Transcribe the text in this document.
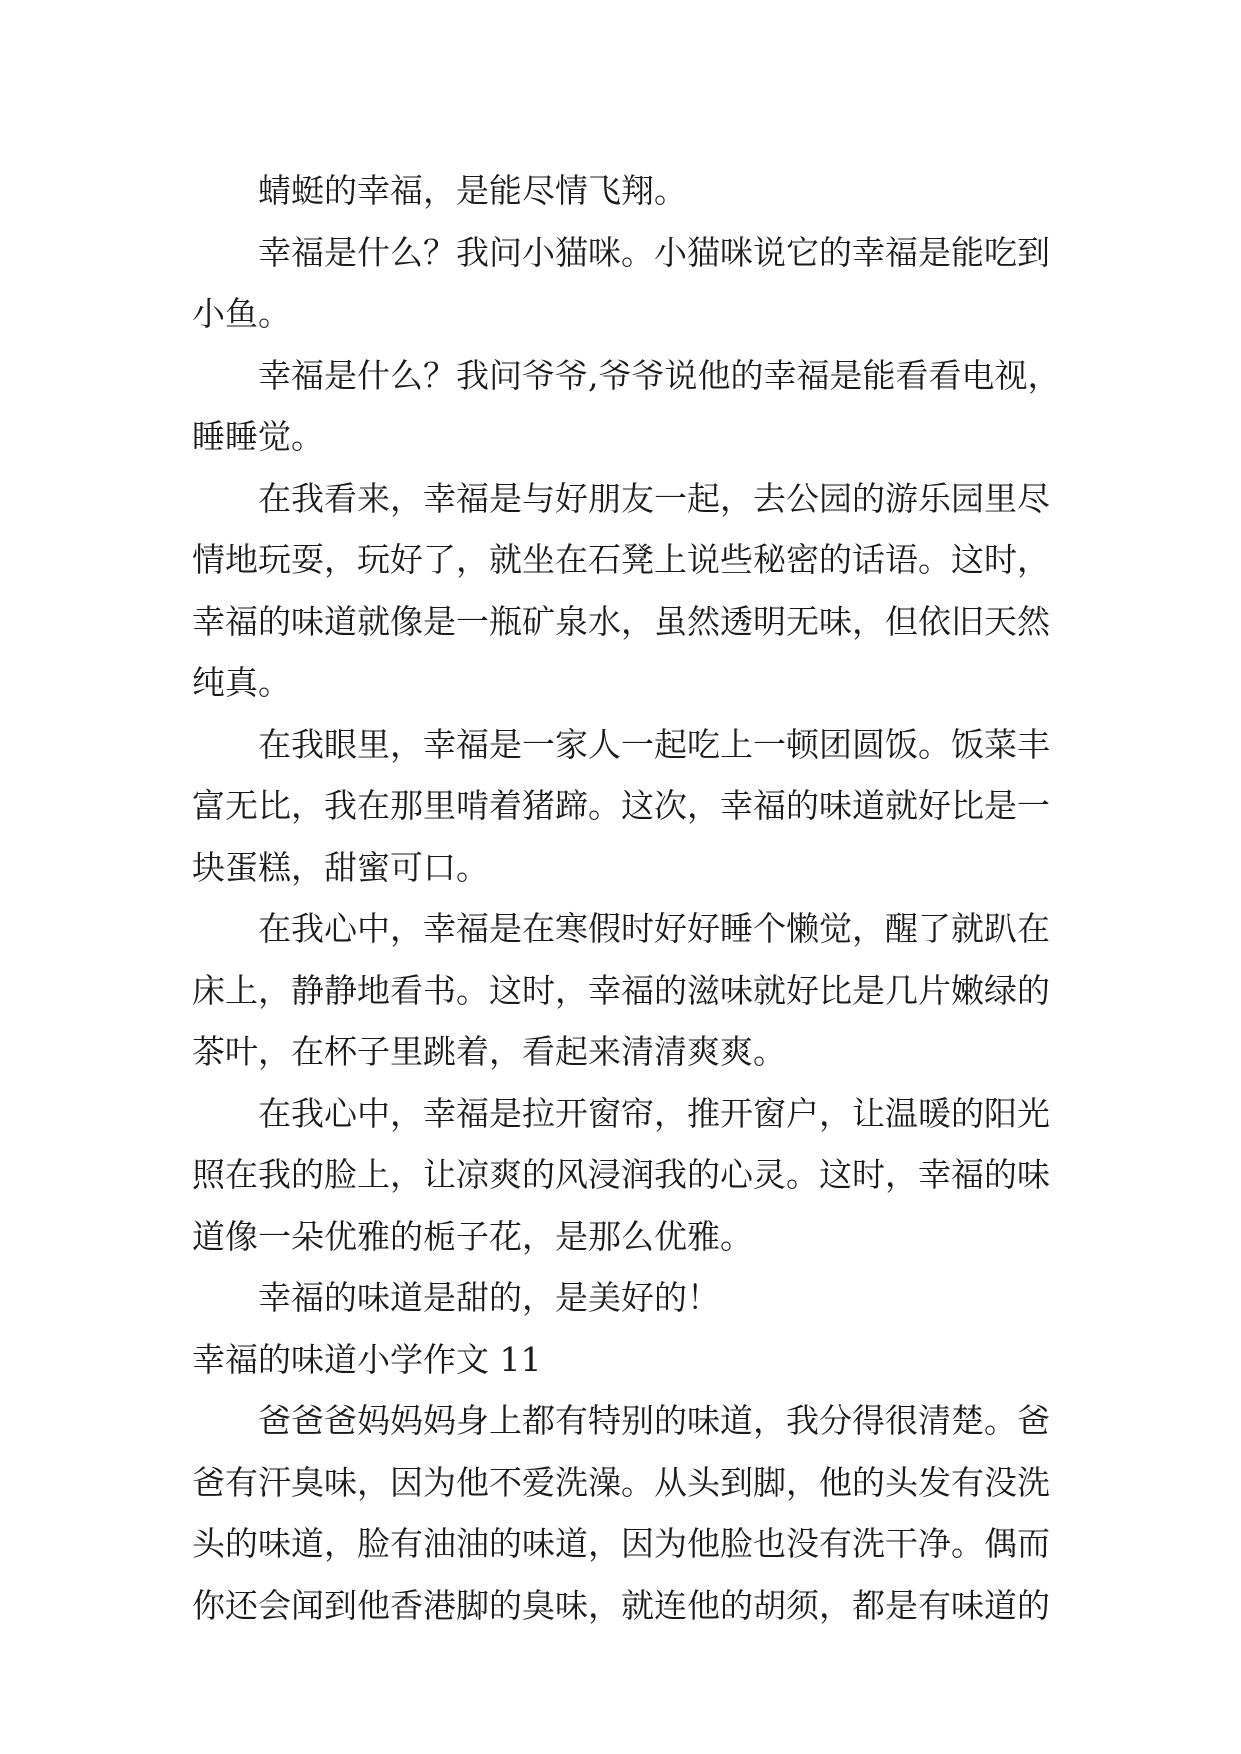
蜻蜓的幸福，是能尽情飞翔。
幸福是什么？我问小猫咪。小猫咪说它的幸福是能吃到
小鱼。
幸福是什么？我问爷爷,爷爷说他的幸福是能看看电视，
睡睡觉。
在我看来，幸福是与好朋友一起，去公园的游乐园里尽
情地玩耍，玩好了，就坐在石凳上说些秘密的话语。这时，
幸福的味道就像是一瓶矿泉水，虽然透明无味，但依旧天然
纯真。
在我眼里，幸福是一家人一起吃上一顿团圆饭。饭菜丰
富无比，我在那里啃着猪蹄。这次，幸福的味道就好比是一
块蛋糕，甜蜜可口。
在我心中，幸福是在寒假时好好睡个懒觉，醒了就趴在
床上，静静地看书。这时，幸福的滋味就好比是几片嫩绿的
茶叶，在杯子里跳着，看起来清清爽爽。
在我心中，幸福是拉开窗帘，推开窗户，让温暖的阳光
照在我的脸上，让凉爽的风浸润我的心灵。这时，幸福的味
道像一朵优雅的栀子花，是那么优雅。
幸福的味道是甜的，是美好的！
幸福的味道小学作文 11
爸爸爸妈妈妈身上都有特别的味道，我分得很清楚。爸
爸有汗臭味，因为他不爱洗澡。从头到脚，他的头发有没洗
头的味道，脸有油油的味道，因为他脸也没有洗干净。偶而
你还会闻到他香港脚的臭味，就连他的胡须，都是有味道的
